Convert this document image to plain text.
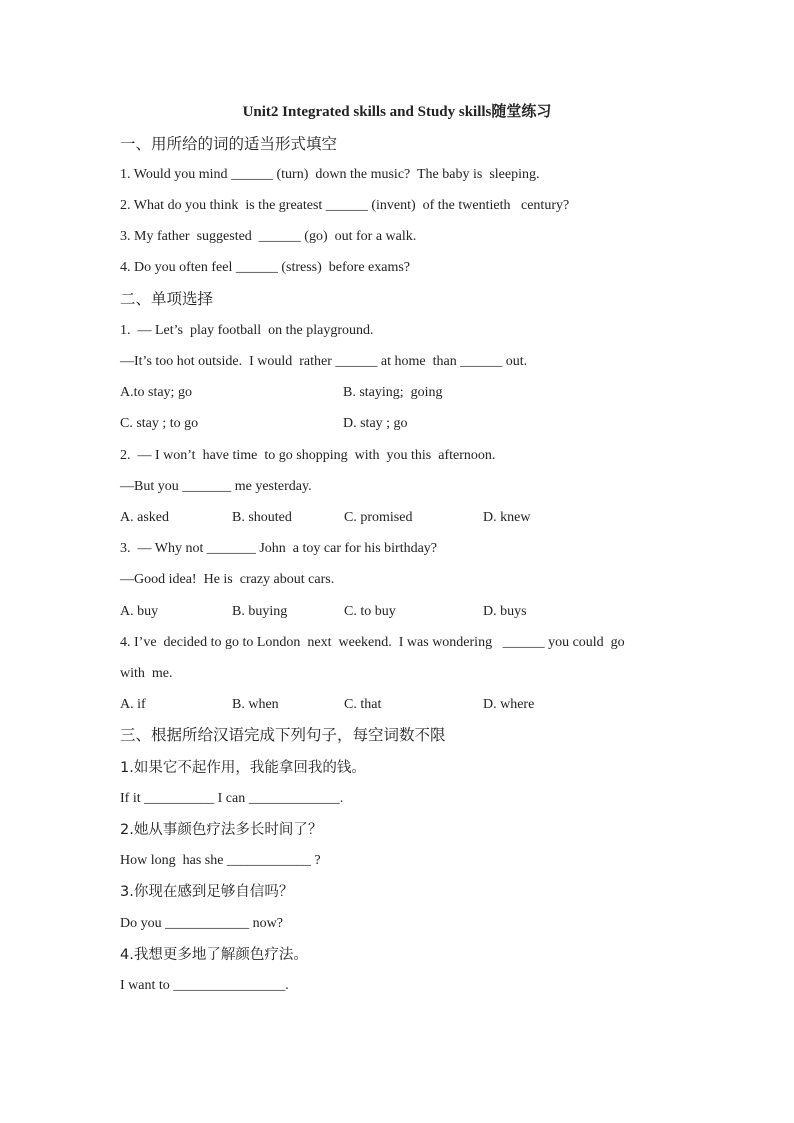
Unit2 Integrated skills and Study skills随堂练习
一、用所给的词的适当形式填空
1. Would you mind ______ (turn)  down the music?  The baby is  sleeping.
2. What do you think  is the greatest ______ (invent)  of the twentieth   century?
3. My father  suggested  ______ (go)  out for a walk.
4. Do you often feel ______ (stress)  before exams?
二、单项选择
1.  — Let’s  play football  on the playground.
—It’s too hot outside.  I would  rather ______ at home  than ______ out.
A.to stay; go	B. staying;  going
C. stay ; to go	D. stay ; go
2.  — I won’t  have time  to go shopping  with  you this  afternoon.
—But you _______ me yesterday.
A. asked	B. shouted	C. promised	D. knew
3.  — Why not _______ John  a toy car for his birthday?
—Good idea!  He is  crazy about cars.
A. buy	B. buying	C. to buy	D. buys
4. I’ve  decided to go to London  next  weekend.  I was wondering   ______ you could  go
with  me.
A. if	B. when	C. that	D. where
三、根据所给汉语完成下列句子，每空词数不限
1.如果它不起作用，我能拿回我的钱。
If it __________ I can _____________.
2.她从事颜色疗法多长时间了？
How long  has she ____________ ?
3.你现在感到足够自信吗？
Do you ____________ now?
4.我想更多地了解颜色疗法。
I want to ________________.
